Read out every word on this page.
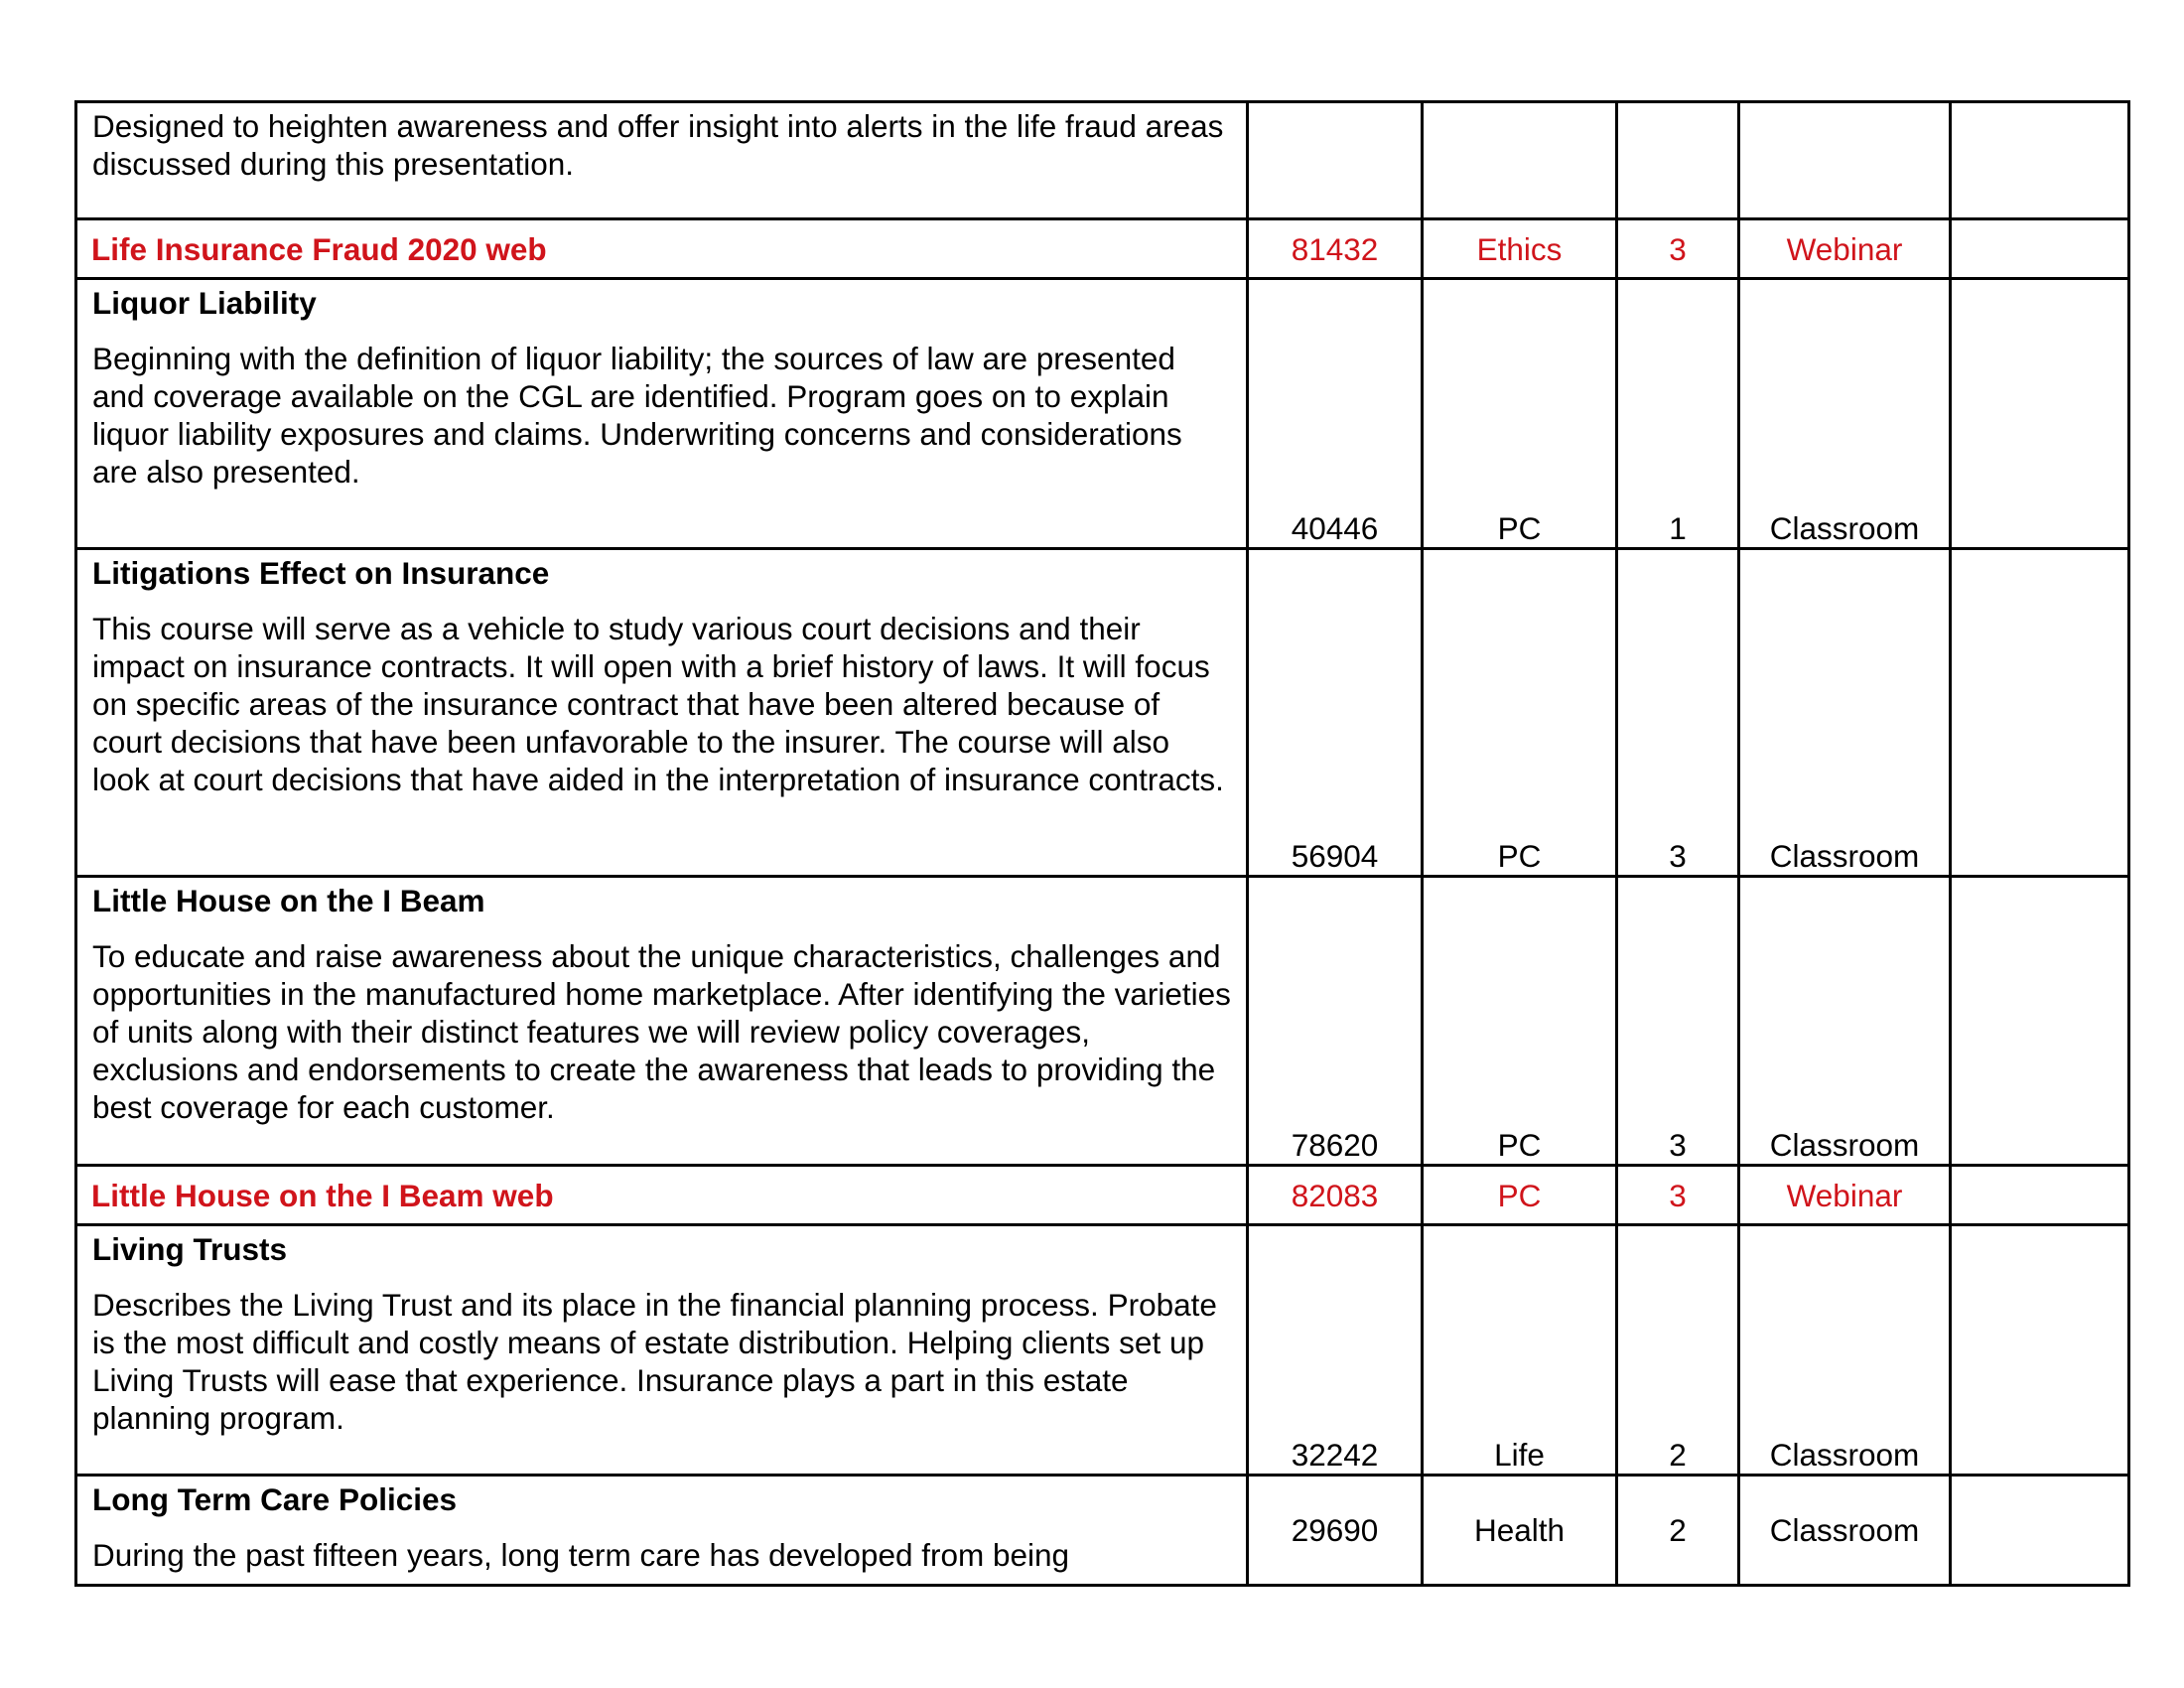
Designed to heighten awareness and offer insight into alerts in the life fraud areas discussed during this presentation.					

Life Insurance Fraud 2020 web	81432	Ethics	3	Webinar	

Liquor Liability
Beginning with the definition of liquor liability; the sources of law are presented and coverage available on the CGL are identified. Program goes on to explain liquor liability exposures and claims. Underwriting concerns and considerations are also presented.	40446	PC	1	Classroom	

Litigations Effect on Insurance
This course will serve as a vehicle to study various court decisions and their impact on insurance contracts. It will open with a brief history of laws. It will focus on specific areas of the insurance contract that have been altered because of court decisions that have been unfavorable to the insurer. The course will also look at court decisions that have aided in the interpretation of insurance contracts.	56904	PC	3	Classroom	

Little House on the I Beam
To educate and raise awareness about the unique characteristics, challenges and opportunities in the manufactured home marketplace. After identifying the varieties of units along with their distinct features we will review policy coverages, exclusions and endorsements to create the awareness that leads to providing the best coverage for each customer.	78620	PC	3	Classroom	

Little House on the I Beam web	82083	PC	3	Webinar	

Living Trusts
Describes the Living Trust and its place in the financial planning process. Probate is the most difficult and costly means of estate distribution. Helping clients set up Living Trusts will ease that experience. Insurance plays a part in this estate planning program.	32242	Life	2	Classroom	

Long Term Care Policies
During the past fifteen years, long term care has developed from being	29690	Health	2	Classroom	
